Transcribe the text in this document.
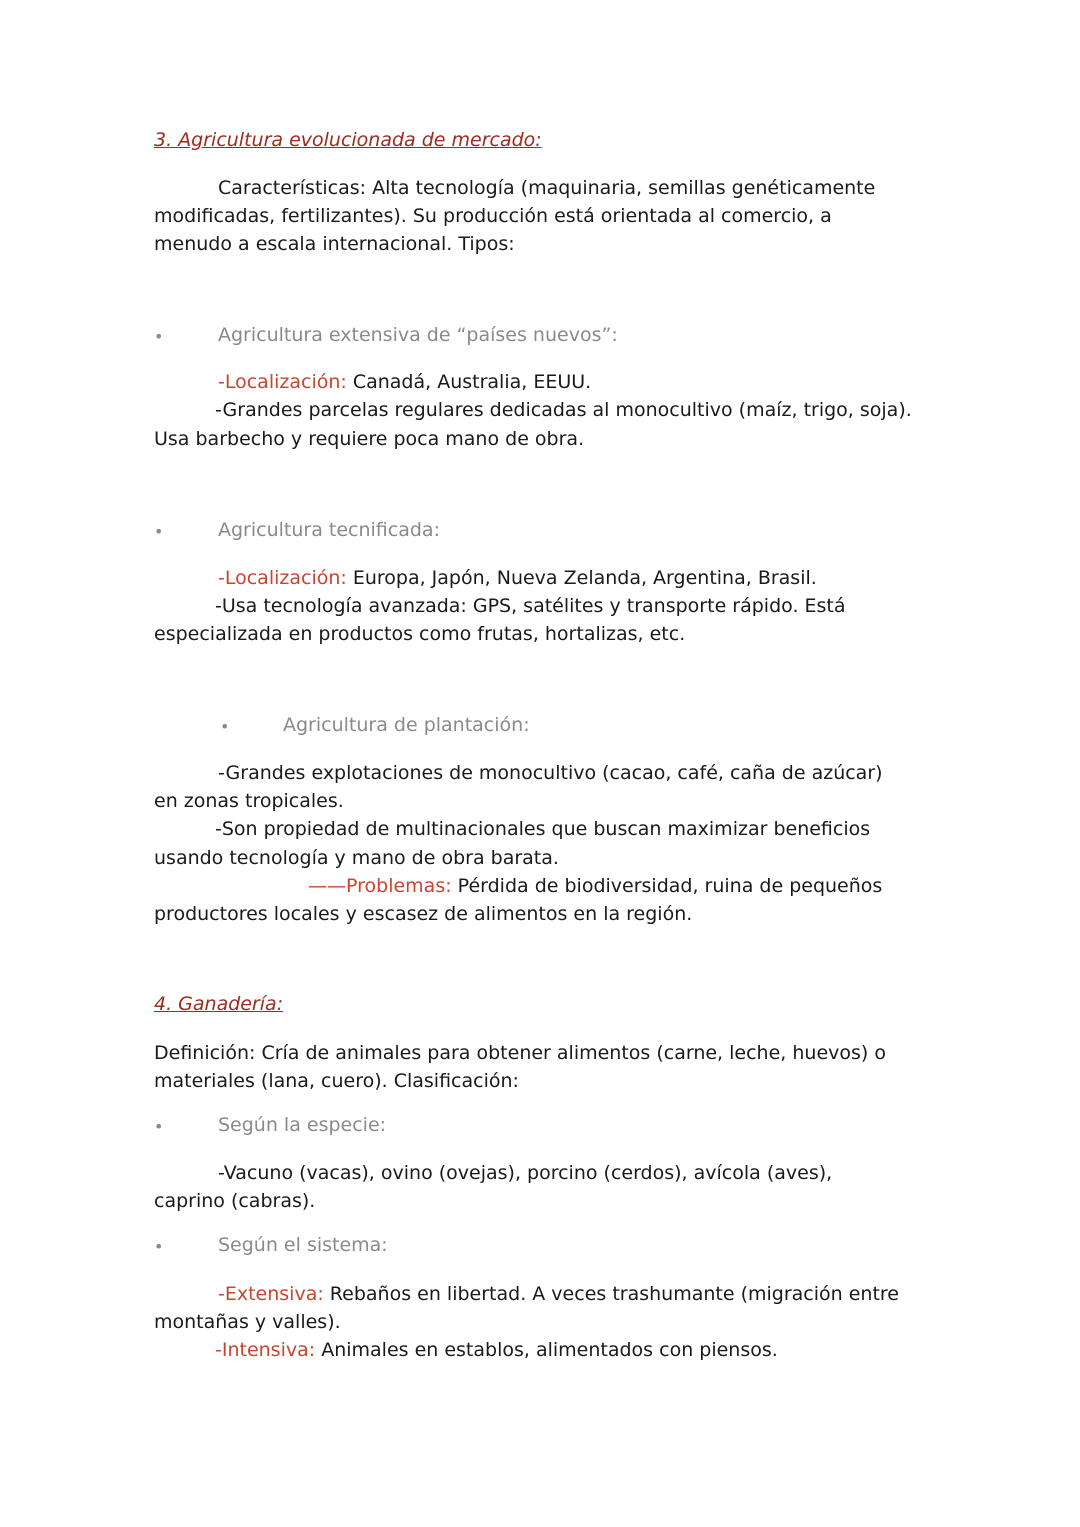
3. Agricultura evolucionada de mercado:
Características: Alta tecnología (maquinaria, semillas genéticamente
modificadas, fertilizantes). Su producción está orientada al comercio, a
menudo a escala internacional. Tipos:
•	Agricultura extensiva de “países nuevos”:
-Localización: Canadá, Australia, EEUU.
-Grandes parcelas regulares dedicadas al monocultivo (maíz, trigo, soja).
Usa barbecho y requiere poca mano de obra.
•	Agricultura tecnificada:
-Localización: Europa, Japón, Nueva Zelanda, Argentina, Brasil.
-Usa tecnología avanzada: GPS, satélites y transporte rápido. Está
especializada en productos como frutas, hortalizas, etc.
•	Agricultura de plantación:
-Grandes explotaciones de monocultivo (cacao, café, caña de azúcar)
en zonas tropicales.
-Son propiedad de multinacionales que buscan maximizar beneficios
usando tecnología y mano de obra barata.
——Problemas: Pérdida de biodiversidad, ruina de pequeños
productores locales y escasez de alimentos en la región.
4. Ganadería:
Definición: Cría de animales para obtener alimentos (carne, leche, huevos) o
materiales (lana, cuero). Clasificación:
•	Según la especie:
-Vacuno (vacas), ovino (ovejas), porcino (cerdos), avícola (aves),
caprino (cabras).
•	Según el sistema:
-Extensiva: Rebaños en libertad. A veces trashumante (migración entre
montañas y valles).
-Intensiva: Animales en establos, alimentados con piensos.
